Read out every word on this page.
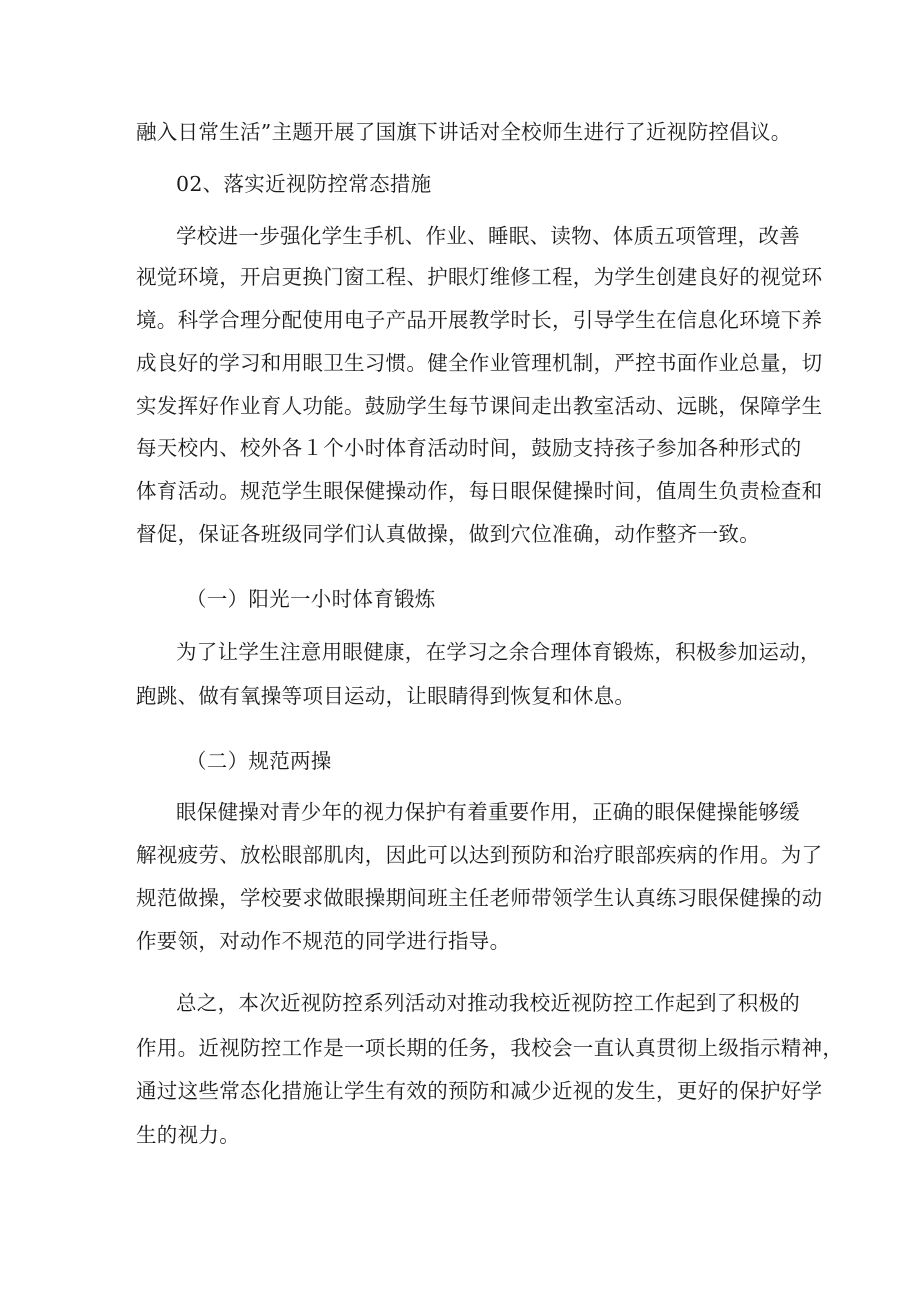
融入日常生活”主题开展了国旗下讲话对全校师生进行了近视防控倡议。
02、落实近视防控常态措施
学校进一步强化学生手机、作业、睡眠、读物、体质五项管理，改善
视觉环境，开启更换门窗工程、护眼灯维修工程，为学生创建良好的视觉环
境。科学合理分配使用电子产品开展教学时长，引导学生在信息化环境下养
成良好的学习和用眼卫生习惯。健全作业管理机制，严控书面作业总量，切
实发挥好作业育人功能。鼓励学生每节课间走出教室活动、远眺，保障学生
每天校内、校外各１个小时体育活动时间，鼓励支持孩子参加各种形式的
体育活动。规范学生眼保健操动作，每日眼保健操时间，值周生负责检查和
督促，保证各班级同学们认真做操，做到穴位准确，动作整齐一致。
（一）阳光一小时体育锻炼
为了让学生注意用眼健康，在学习之余合理体育锻炼，积极参加运动，
跑跳、做有氧操等项目运动，让眼睛得到恢复和休息。
（二）规范两操
眼保健操对青少年的视力保护有着重要作用，正确的眼保健操能够缓
解视疲劳、放松眼部肌肉，因此可以达到预防和治疗眼部疾病的作用。为了
规范做操，学校要求做眼操期间班主任老师带领学生认真练习眼保健操的动
作要领，对动作不规范的同学进行指导。
总之，本次近视防控系列活动对推动我校近视防控工作起到了积极的
作用。近视防控工作是一项长期的任务，我校会一直认真贯彻上级指示精神，
通过这些常态化措施让学生有效的预防和减少近视的发生，更好的保护好学
生的视力。
